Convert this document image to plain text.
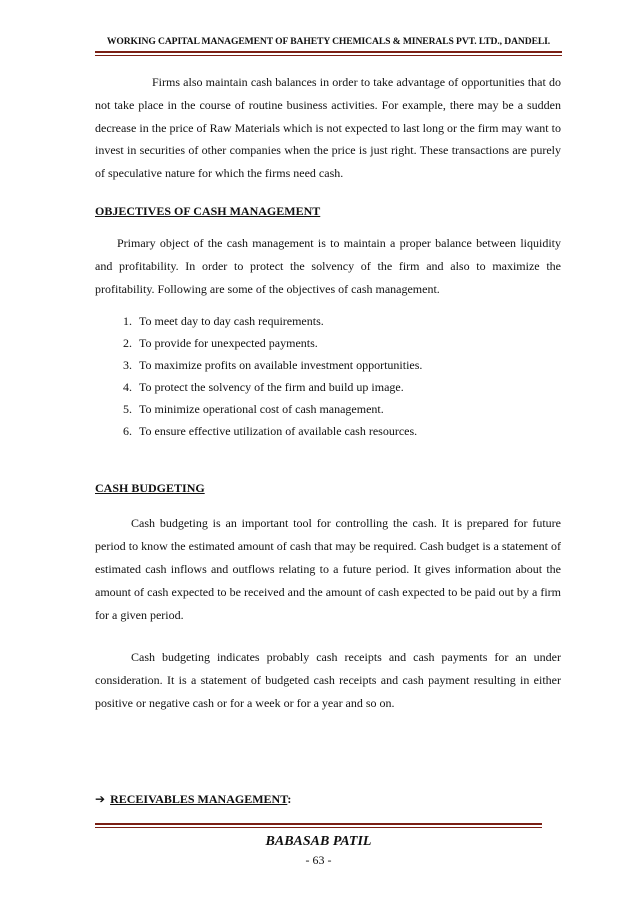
WORKING CAPITAL MANAGEMENT OF BAHETY CHEMICALS & MINERALS PVT. LTD., DANDELI.

Firms also maintain cash balances in order to take advantage of opportunities that do not take place in the course of routine business activities. For example, there may be a sudden decrease in the price of Raw Materials which is not expected to last long or the firm may want to invest in securities of other companies when the price is just right. These transactions are purely of speculative nature for which the firms need cash.

OBJECTIVES OF CASH MANAGEMENT

Primary object of the cash management is to maintain a proper balance between liquidity and profitability. In order to protect the solvency of the firm and also to maximize the profitability. Following are some of the objectives of cash management.

1. To meet day to day cash requirements.
2. To provide for unexpected payments.
3. To maximize profits on available investment opportunities.
4. To protect the solvency of the firm and build up image.
5. To minimize operational cost of cash management.
6. To ensure effective utilization of available cash resources.
CASH BUDGETING

Cash budgeting is an important tool for controlling the cash. It is prepared for future period to know the estimated amount of cash that may be required. Cash budget is a statement of estimated cash inflows and outflows relating to a future period. It gives information about the amount of cash expected to be received and the amount of cash expected to be paid out by a firm for a given period.

Cash budgeting indicates probably cash receipts and cash payments for an under consideration. It is a statement of budgeted cash receipts and cash payment resulting in either positive or negative cash or for a week or for a year and so on.

➔ RECEIVABLES MANAGEMENT:
BABASAB PATIL
- 63 -
